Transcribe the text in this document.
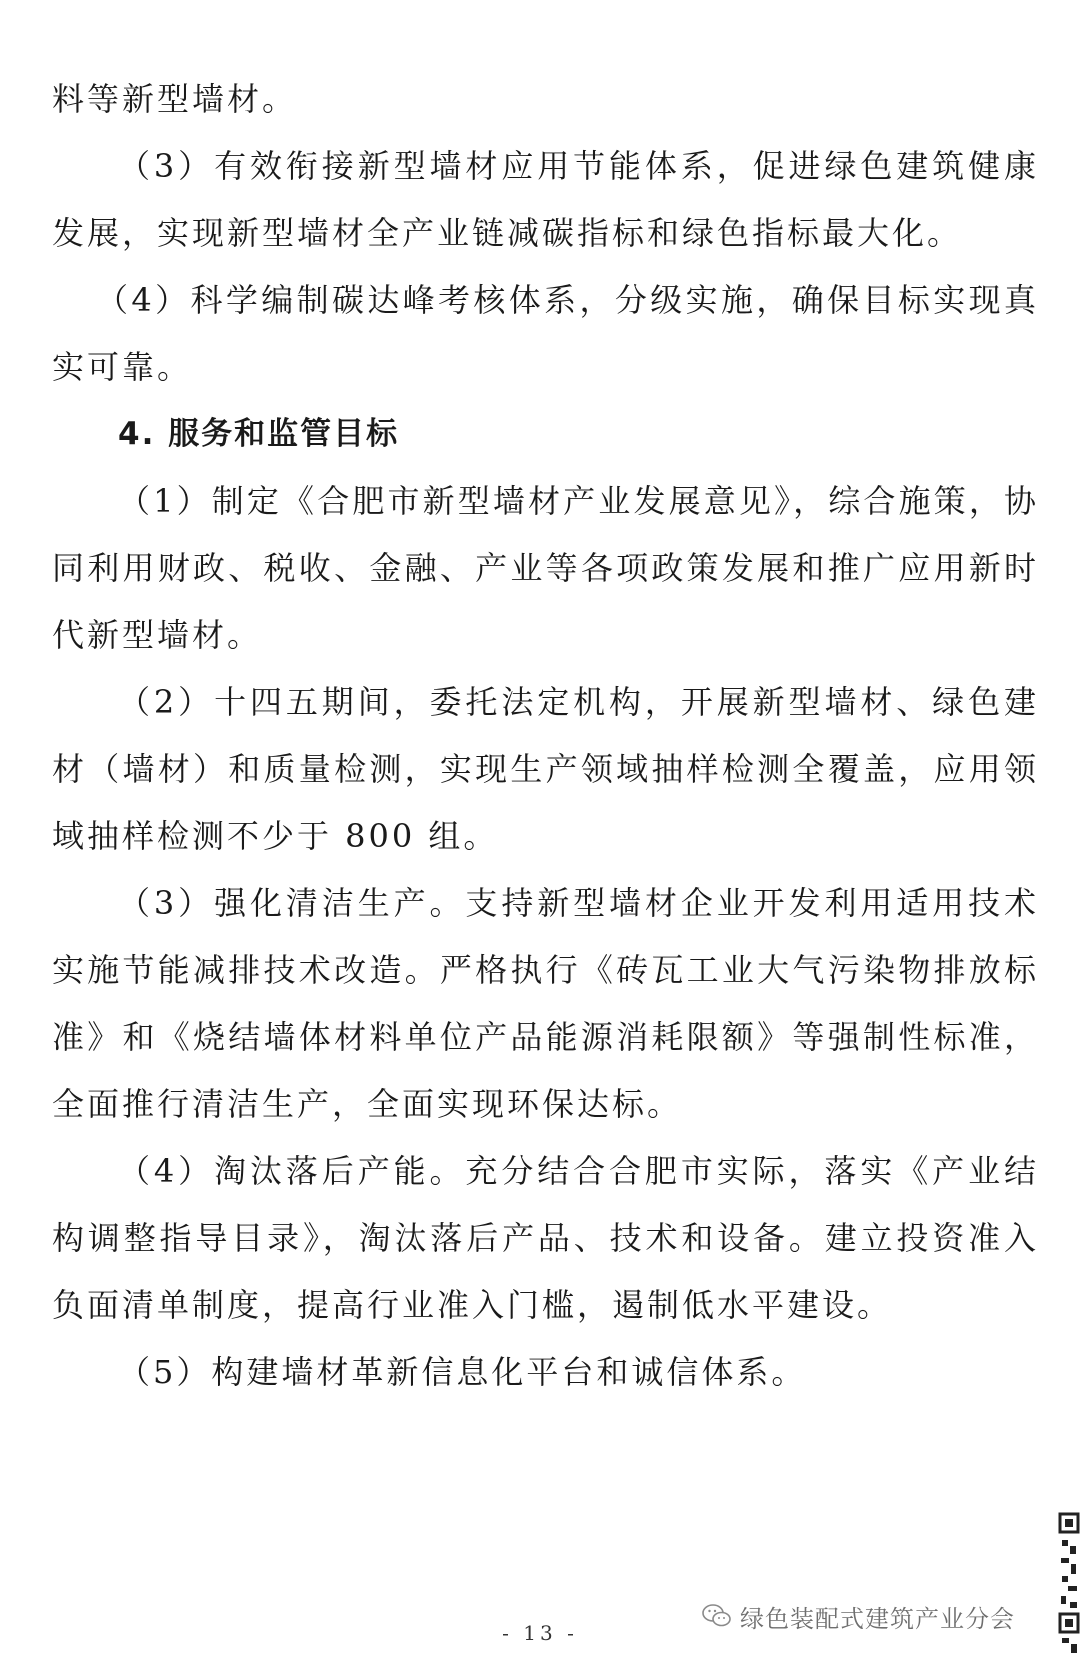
料等新型墙材。

（3）有效衔接新型墙材应用节能体系，促进绿色建筑健康发展，实现新型墙材全产业链减碳指标和绿色指标最大化。

（4）科学编制碳达峰考核体系，分级实施，确保目标实现真实可靠。

4. 服务和监管目标

（1）制定《合肥市新型墙材产业发展意见》，综合施策，协同利用财政、税收、金融、产业等各项政策发展和推广应用新时代新型墙材。

（2）十四五期间，委托法定机构，开展新型墙材、绿色建材（墙材）和质量检测，实现生产领域抽样检测全覆盖，应用领域抽样检测不少于 800 组。

（3）强化清洁生产。支持新型墙材企业开发利用适用技术实施节能减排技术改造。严格执行《砖瓦工业大气污染物排放标准》和《烧结墙体材料单位产品能源消耗限额》等强制性标准，全面推行清洁生产，全面实现环保达标。

（4）淘汰落后产能。充分结合合肥市实际，落实《产业结构调整指导目录》，淘汰落后产品、技术和设备。建立投资准入负面清单制度，提高行业准入门槛，遏制低水平建设。

（5）构建墙材革新信息化平台和诚信体系。

绿色装配式建筑产业分会
- 13 -
